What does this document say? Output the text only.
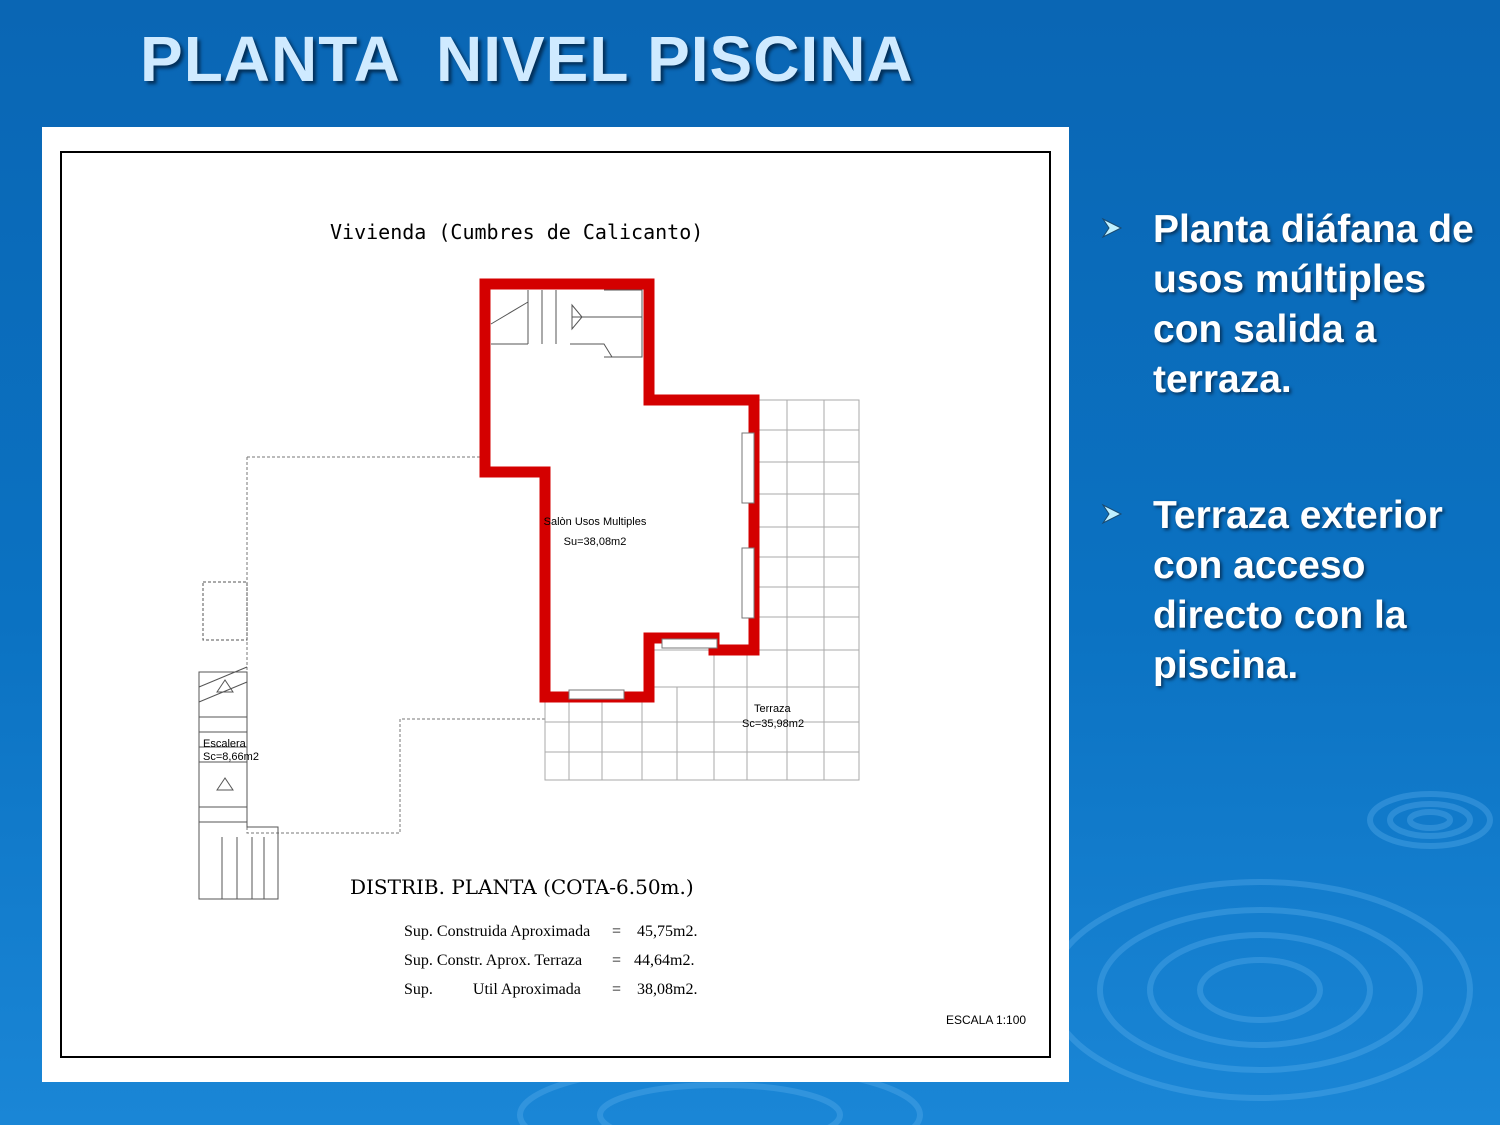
PLANTA  NIVEL PISCINA
Vivienda (Cumbres de Calicanto)
Salòn Usos Multiples
Su=38,08m2
Terraza
Sc=35,98m2
Escalera
Sc=8,66m2
DISTRIB. PLANTA (COTA-6.50m.)
Sup. Construida Aproximada = 45,75m2.
Sup. Constr. Aprox. Terraza = 44,64m2.
Sup.          Util Aproximada = 38,08m2.
ESCALA 1:100
Planta diáfana de usos múltiples con salida a terraza.
Terraza exterior con acceso directo con la piscina.
